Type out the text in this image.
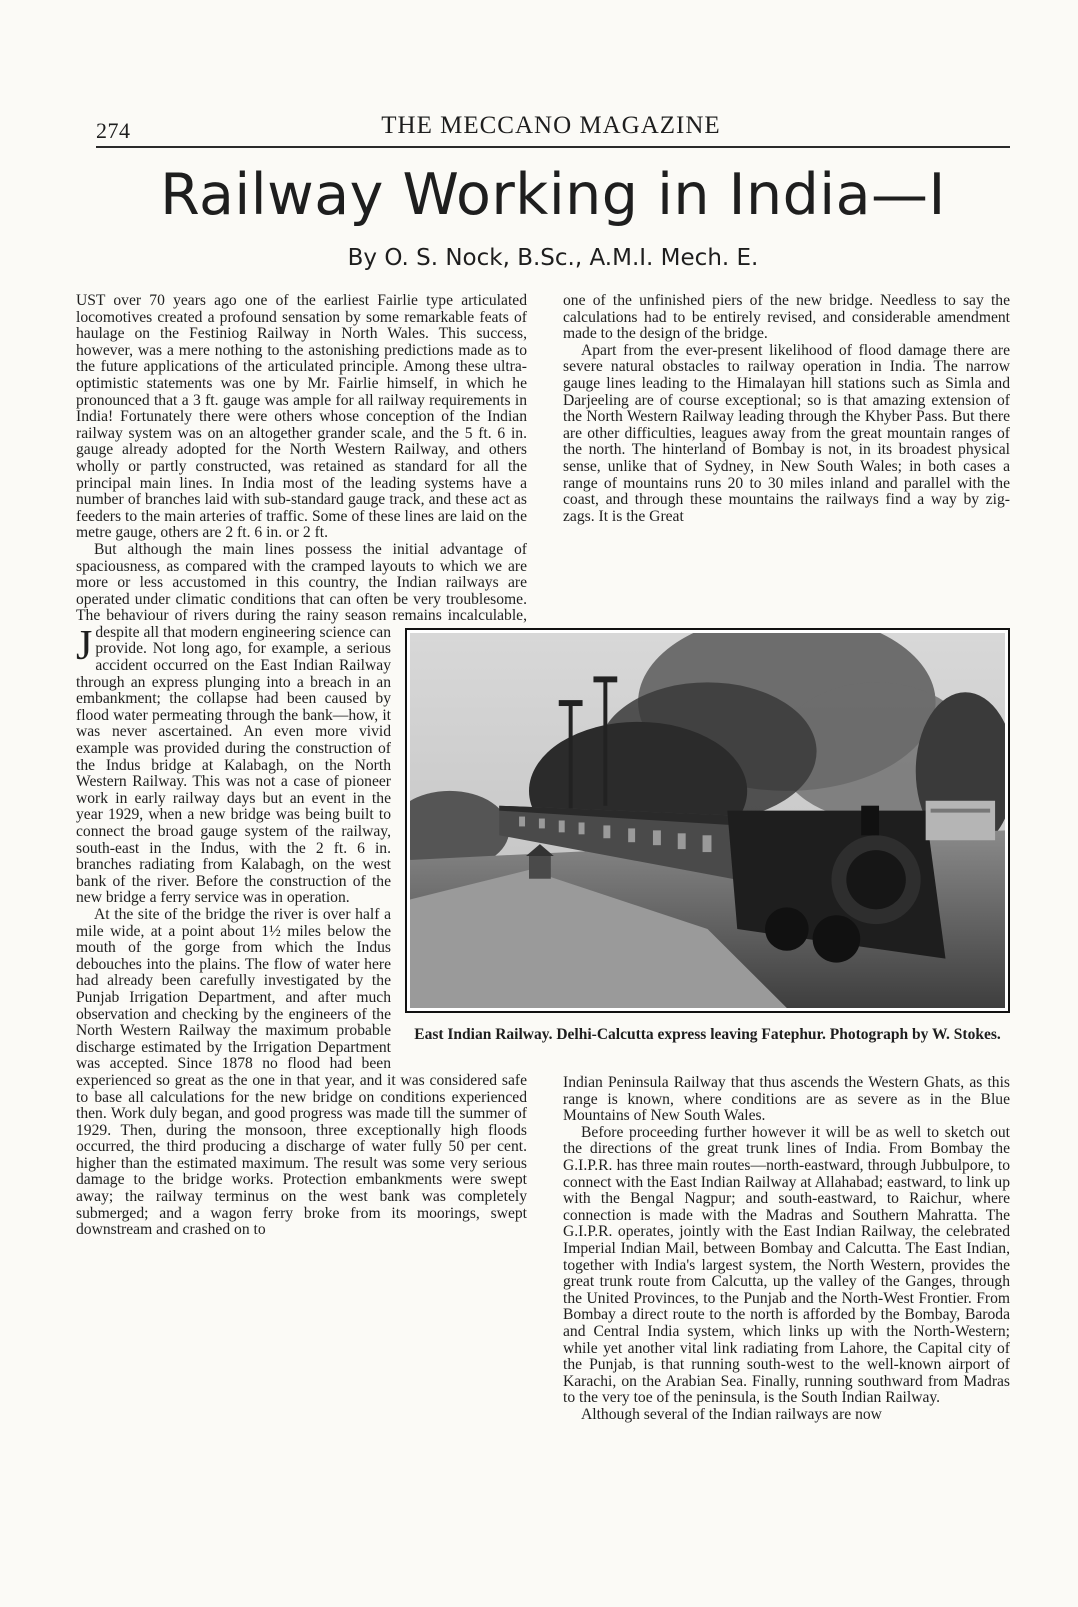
274	THE MECCANO MAGAZINE
Railway Working in India—I
By O. S. Nock, B.Sc., A.M.I. Mech. E.

J
UST over 70 years ago one of the earliest Fairlie type articulated locomotives created a profound sensation by some remarkable feats of haulage on the Festiniog Railway in North Wales. This success, however, was a mere nothing to the astonishing predictions made as to the future applications of the articulated principle. Among these ultra-optimistic statements was one by Mr. Fairlie himself, in which he pronounced that a 3 ft. gauge was ample for all railway requirements in India! Fortunately there were others whose conception of the Indian railway system was on an altogether grander scale, and the 5 ft. 6 in. gauge already adopted for the North Western Railway, and others wholly or partly constructed, was retained as standard for all the principal main lines. In India most of the leading systems have a number of branches laid with sub-standard gauge track, and these act as feeders to the main arteries of traffic. Some of these lines are laid on the metre gauge, others are 2 ft. 6 in. or 2 ft.

But although the main lines possess the initial advantage of spaciousness, as compared with the cramped layouts to which we are more or less accustomed in this country, the Indian railways are operated under climatic conditions that can often be very troublesome. The behaviour of rivers during the rainy season remains incalculable, despite all that modern engineering science can provide. Not long ago, for example, a serious accident occurred on the East Indian Railway through an express plunging into a breach in an embankment; the collapse had been caused by flood water permeating through the bank—how, it was never ascertained. An even more vivid example was provided during the construction of the Indus bridge at Kalabagh, on the North Western Railway. This was not a case of pioneer work in early railway days but an event in the year 1929, when a new bridge was being built to connect the broad gauge system of the railway, south-east in the Indus, with the 2 ft. 6 in. branches radiating from Kalabagh, on the west bank of the river. Before the construction of the new bridge a ferry service was in operation.

At the site of the bridge the river is over half a mile wide, at a point about 1½ miles below the mouth of the gorge from which the Indus debouches into the plains. The flow of water here had already been carefully investigated by the Punjab Irrigation Department, and after much observation and checking by the engineers of the North Western Railway the maximum probable discharge estimated by the Irrigation Department was accepted. Since 1878 no flood had been experienced so great as the one in that year, and it was considered safe to base all calculations for the new bridge on conditions experienced then. Work duly began, and good progress was made till the summer of 1929. Then, during the monsoon, three exceptionally high floods occurred, the third producing a discharge of water fully 50 per cent. higher than the estimated maximum. The result was some very serious damage to the bridge works. Protection embankments were swept away; the railway terminus on the west bank was completely submerged; and a wagon ferry broke from its moorings, swept downstream and crashed on to

one of the unfinished piers of the new bridge. Needless to say the calculations had to be entirely revised, and considerable amendment made to the design of the bridge.

Apart from the ever-present likelihood of flood damage there are severe natural obstacles to railway operation in India. The narrow gauge lines leading to the Himalayan hill stations such as Simla and Darjeeling are of course exceptional; so is that amazing extension of the North Western Railway leading through the Khyber Pass. But there are other difficulties, leagues away from the great mountain ranges of the north. The hinterland of Bombay is not, in its broadest physical sense, unlike that of Sydney, in New South Wales; in both cases a range of mountains runs 20 to 30 miles inland and parallel with the coast, and through these mountains the railways find a way by zig-zags. It is the Great

East Indian Railway. Delhi-Calcutta express leaving Fatephur. Photograph by W. Stokes.

Indian Peninsula Railway that thus ascends the Western Ghats, as this range is known, where conditions are as severe as in the Blue Mountains of New South Wales.

Before proceeding further however it will be as well to sketch out the directions of the great trunk lines of India. From Bombay the G.I.P.R. has three main routes—north-eastward, through Jubbulpore, to connect with the East Indian Railway at Allahabad; eastward, to link up with the Bengal Nagpur; and south-eastward, to Raichur, where connection is made with the Madras and Southern Mahratta. The G.I.P.R. operates, jointly with the East Indian Railway, the celebrated Imperial Indian Mail, between Bombay and Calcutta. The East Indian, together with India's largest system, the North Western, provides the great trunk route from Calcutta, up the valley of the Ganges, through the United Provinces, to the Punjab and the North-West Frontier. From Bombay a direct route to the north is afforded by the Bombay, Baroda and Central India system, which links up with the North-Western; while yet another vital link radiating from Lahore, the Capital city of the Punjab, is that running south-west to the well-known airport of Karachi, on the Arabian Sea. Finally, running southward from Madras to the very toe of the peninsula, is the South Indian Railway.

Although several of the Indian railways are now
